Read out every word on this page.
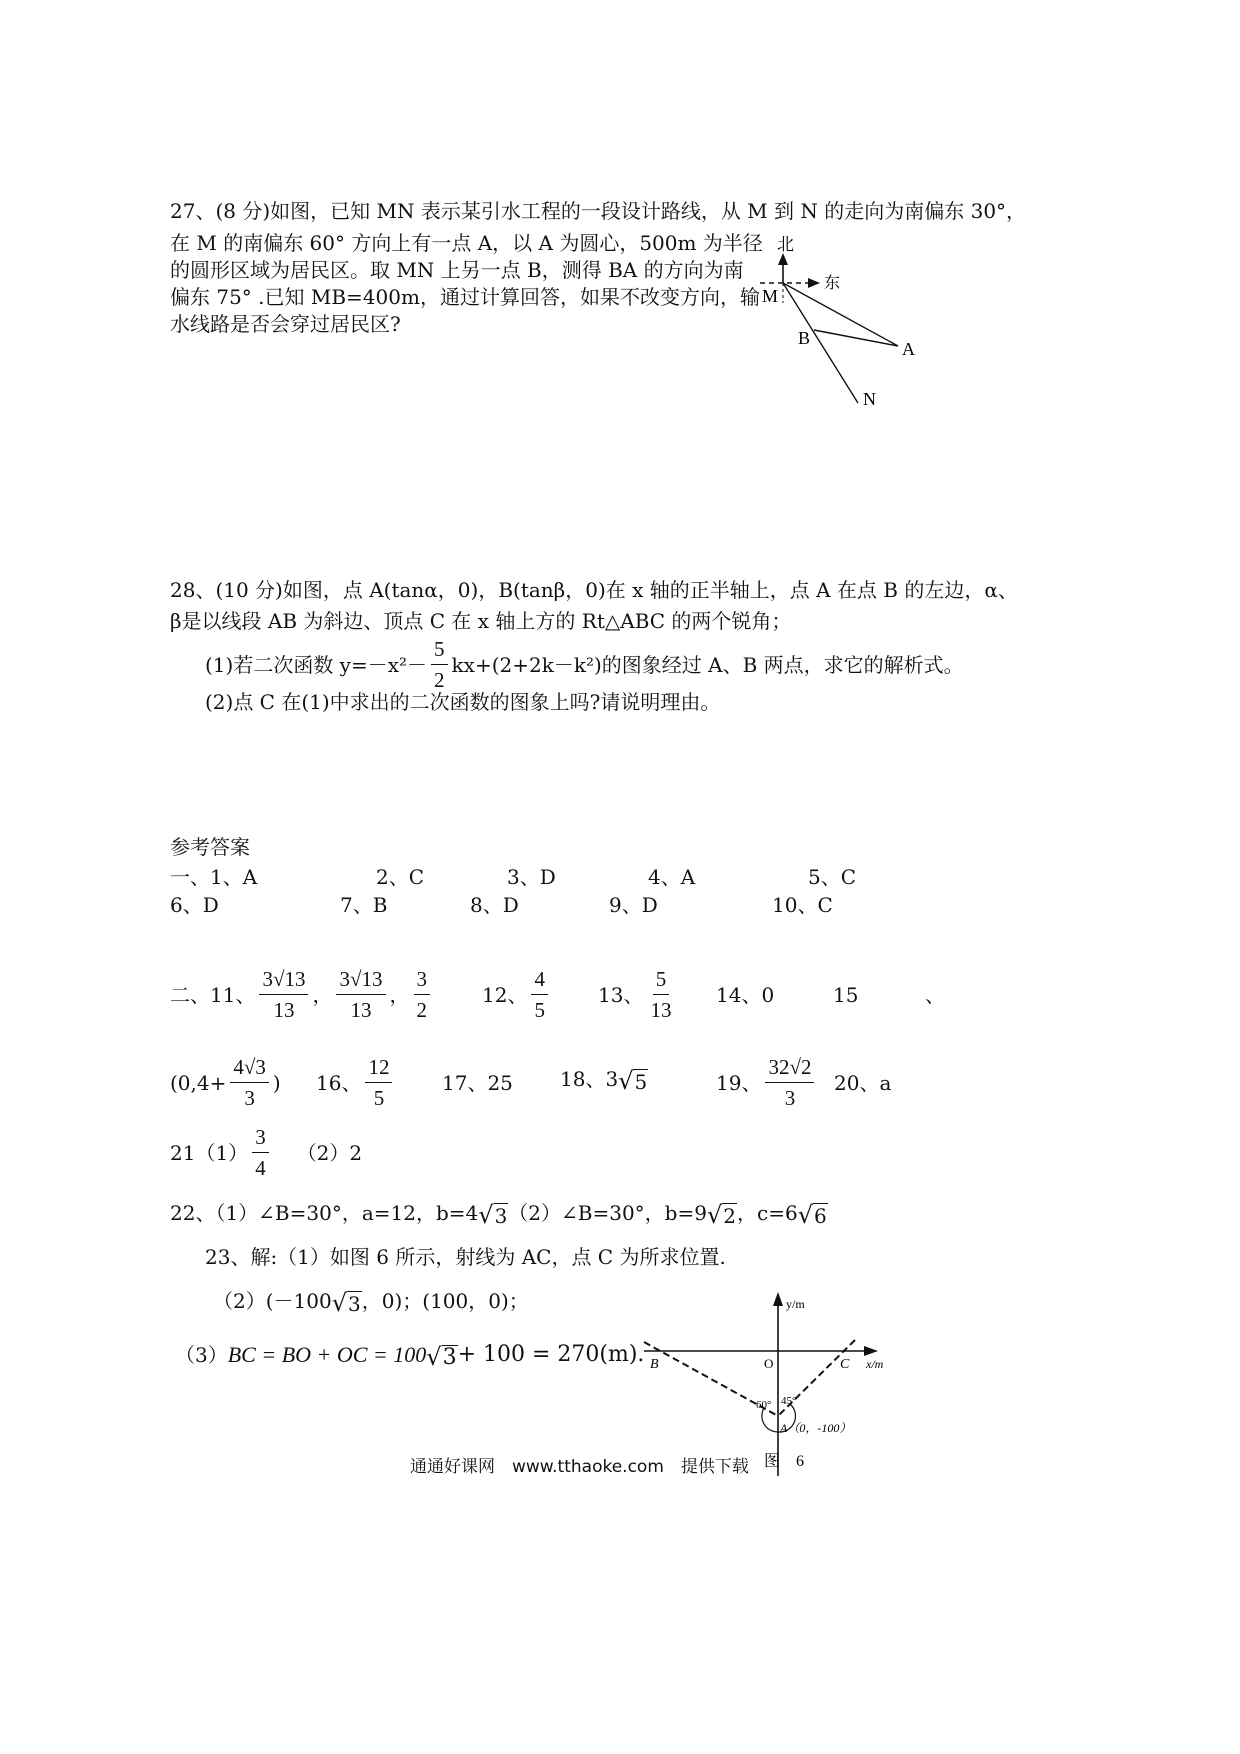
27、(8 分)如图，已知 MN 表示某引水工程的一段设计路线，从 M 到 N 的走向为南偏东 30°，
在 M 的南偏东 60° 方向上有一点 A，以 A 为圆心，500m 为半径
的圆形区域为居民区。取 MN 上另一点 B，测得 BA 的方向为南
偏东 75° .已知 MB=400m，通过计算回答，如果不改变方向，输
水线路是否会穿过居民区?
北
东
M
B
A
N
28、(10 分)如图，点 A(tanα，0)，B(tanβ，0)在 x 轴的正半轴上，点 A 在点 B 的左边，α、
β是以线段 AB 为斜边、顶点 C 在 x 轴上方的 Rt△ABC 的两个锐角；
(1)若二次函数 $y=-x^2- \frac{5}{2} kx+(2+2k-k^2)$的图象经过 A、B 两点，求它的解析式。
(2)点 C 在(1)中求出的二次函数的图象上吗?请说明理由。
参考答案
一、1、A	2、C	3、D	4、A	5、C
6、D	7、B	8、D	9、D	10、C
二、11、 $\frac{3√13}{13}$ ， $\frac{3√13}{13}$ ， $\frac{3}{2}$	12、 $\frac{4}{5}$	13、 $\frac{5}{13} 14$、0	15	、
($0,4+ \frac{4√3}{3}$ ) 16、 $\frac{12}{5} 17$、25 18、3 √ 5	19、 $\frac{32√2}{3} 20$、a
$21(1) \frac{3}{4} (2)2$
22、（1）∠B=30°，a=12，b=4 √ 3 （2）∠B=30°，b=9 √ 2 ，c=6 √ 6
23、解:（1）如图 6 所示，射线为 AC，点 C 为所求位置.
（2）(－100 √ 3 ，0)；(100，0)；
（3） BC = BO + OC = 100 √ 3 + 100 = 270(m).
y/m
x/m
B	O	C
60° 45°
A（0，-100）
图　6
通通好课网　www.tthaoke.com　提供下载
